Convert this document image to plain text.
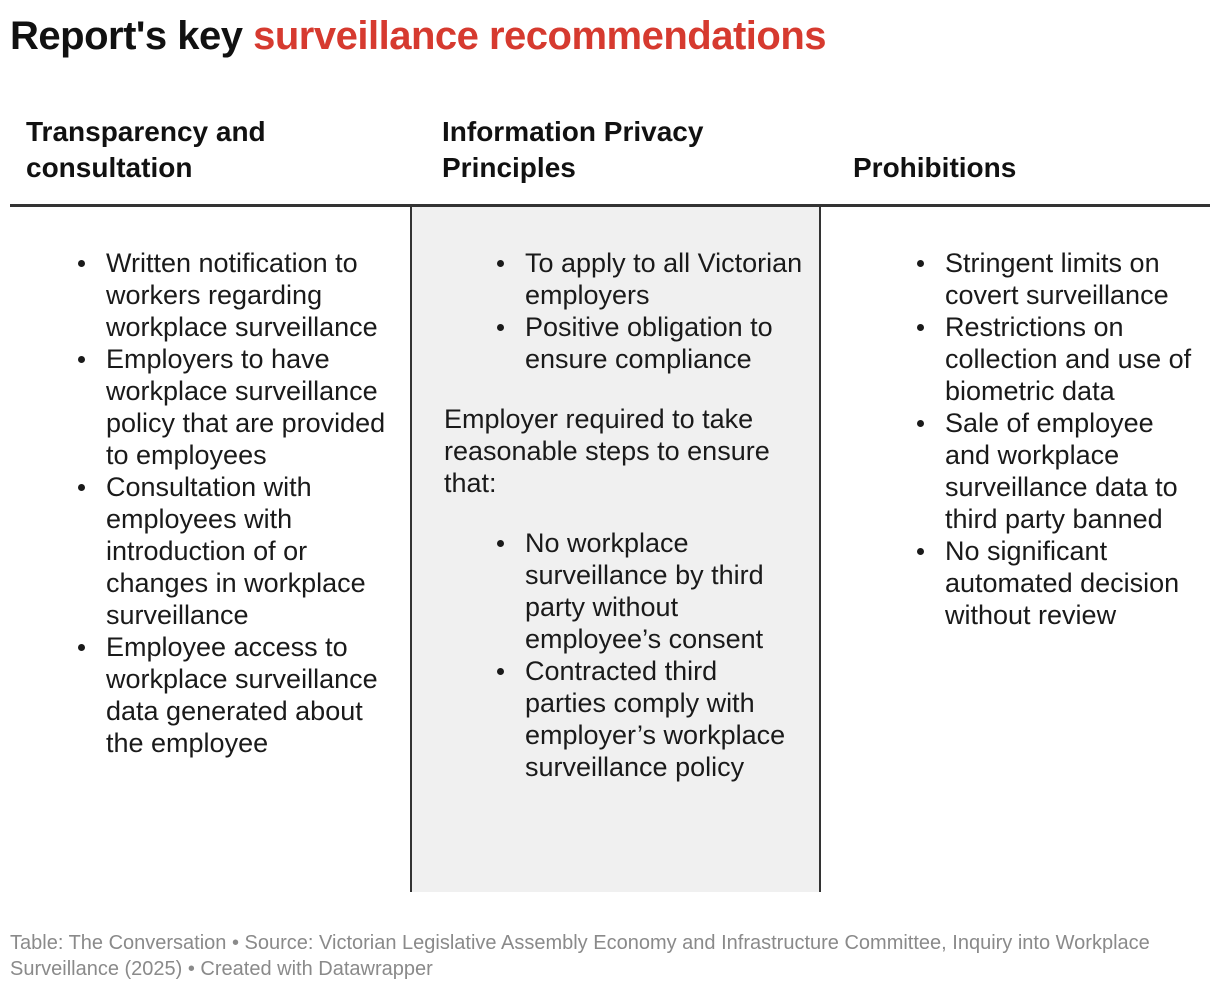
Report's key surveillance recommendations
Transparency and consultation
Information Privacy Principles	Prohibitions
Written notification to workers regarding workplace surveillance
Employers to have workplace surveillance policy that are provided to employees
Consultation with employees with introduction of or changes in workplace surveillance
Employee access to workplace surveillance data generated about the employee
To apply to all Victorian employers
Positive obligation to ensure compliance

Employer required to take reasonable steps to ensure that:

No workplace surveillance by third party without employee’s consent
Contracted third parties comply with employer’s workplace surveillance policy
Stringent limits on covert surveillance
Restrictions on collection and use of biometric data
Sale of employee and workplace surveillance data to third party banned
No significant automated decision without review

Table: The Conversation • Source: Victorian Legislative Assembly Economy and Infrastructure Committee, Inquiry into Workplace Surveillance (2025) • Created with Datawrapper
